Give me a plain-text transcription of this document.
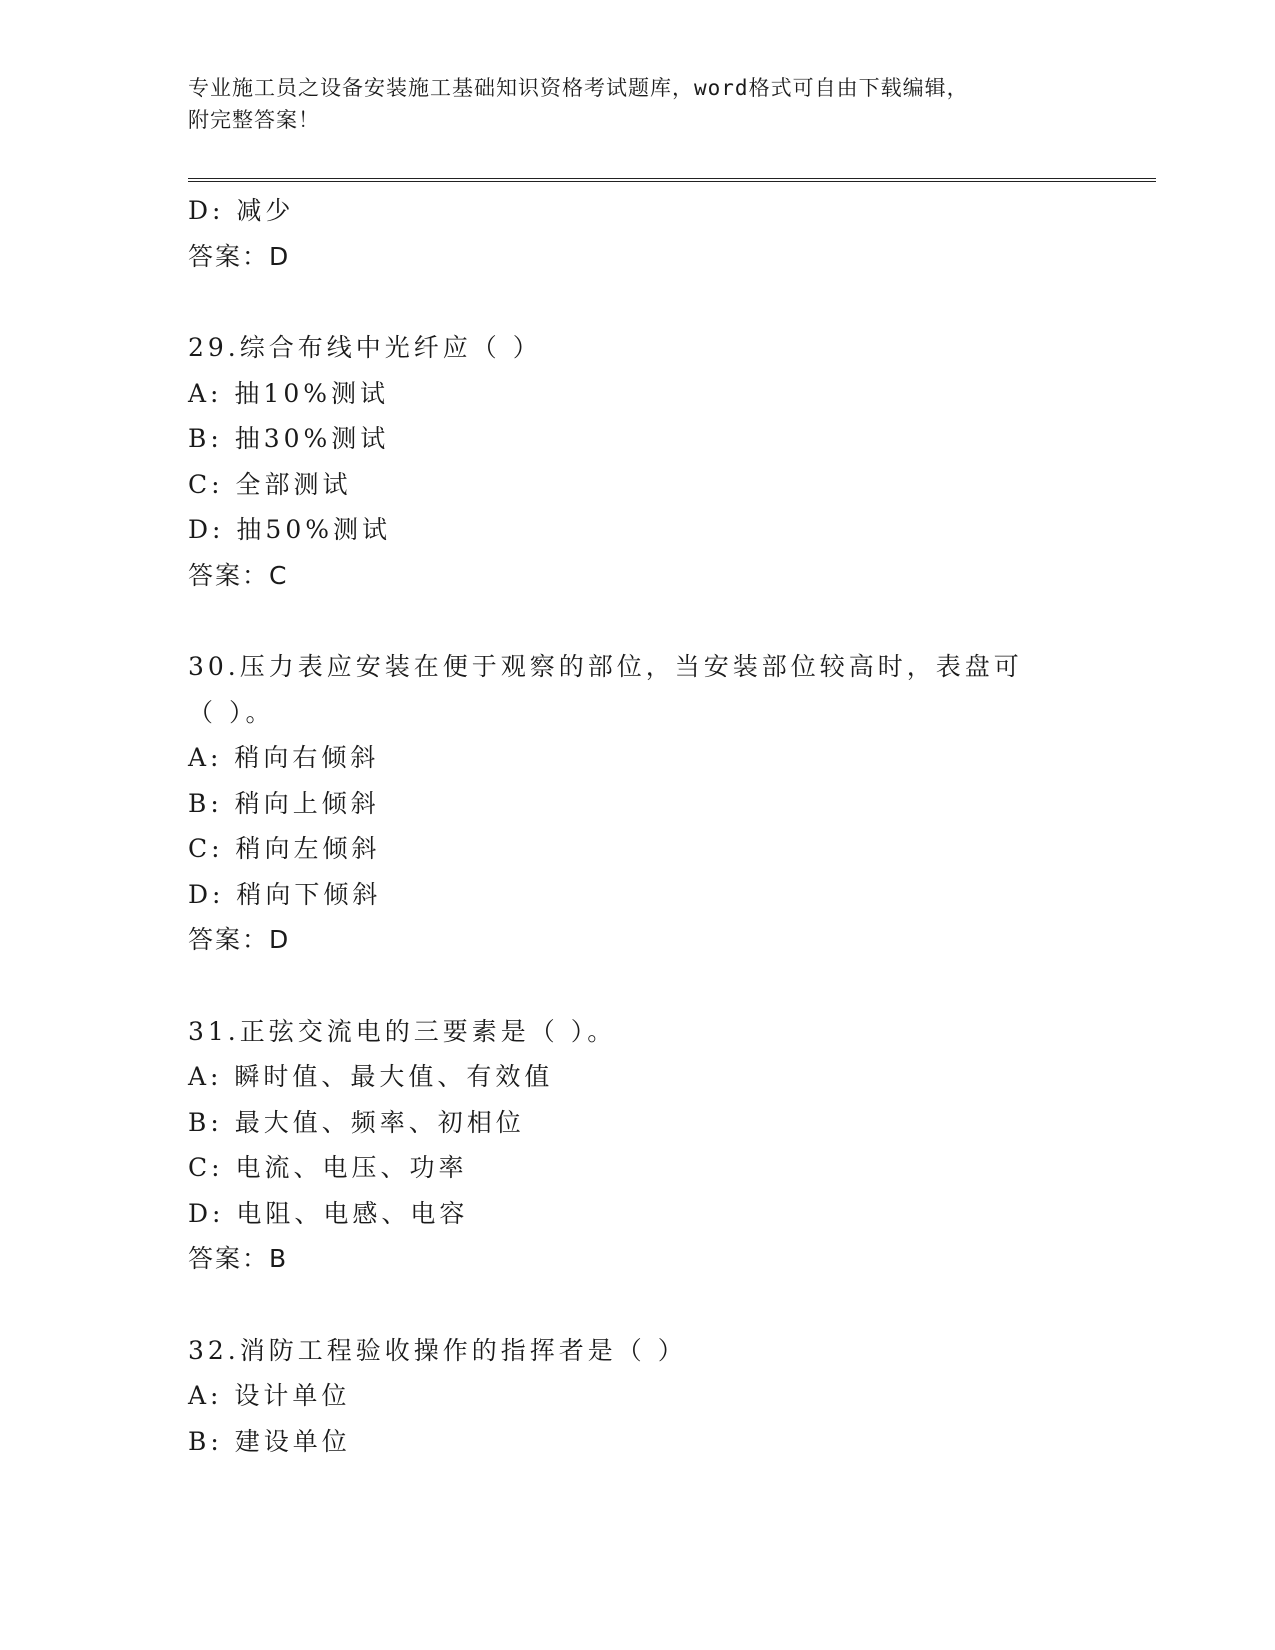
专业施工员之设备安装施工基础知识资格考试题库，word格式可自由下载编辑，
附完整答案！
D: 减少
答案：D
29.综合布线中光纤应（ ）
A: 抽10%测试
B: 抽30%测试
C: 全部测试
D: 抽50%测试
答案：C
30.压力表应安装在便于观察的部位，当安装部位较高时，表盘可（ ）。
A: 稍向右倾斜
B: 稍向上倾斜
C: 稍向左倾斜
D: 稍向下倾斜
答案：D
31.正弦交流电的三要素是（ ）。
A: 瞬时值、最大值、有效值
B: 最大值、频率、初相位
C: 电流、电压、功率
D: 电阻、电感、电容
答案：B
32.消防工程验收操作的指挥者是（ ）
A: 设计单位
B: 建设单位
